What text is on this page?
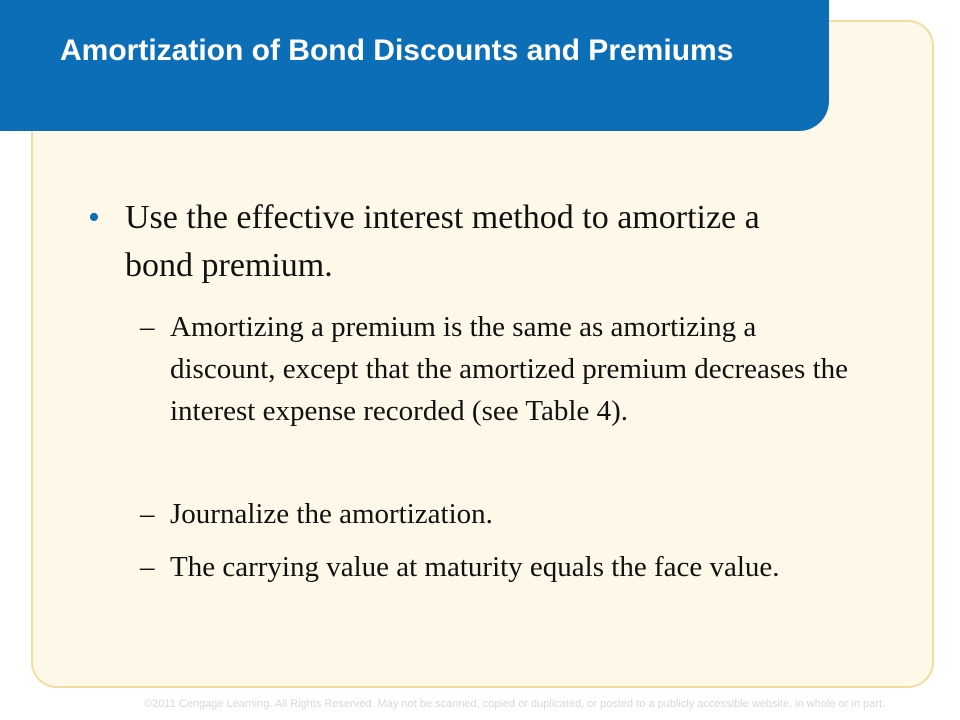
Amortization of Bond Discounts and Premiums
• Use the effective interest method to amortize a bond premium.
– Amortizing a premium is the same as amortizing a discount, except that the amortized premium decreases the interest expense recorded (see Table 4).
– Journalize the amortization.
– The carrying value at maturity equals the face value.

©2011 Cengage Learning. All Rights Reserved. May not be scanned, copied or duplicated, or posted to a publicly accessible website, in whole or in part.
